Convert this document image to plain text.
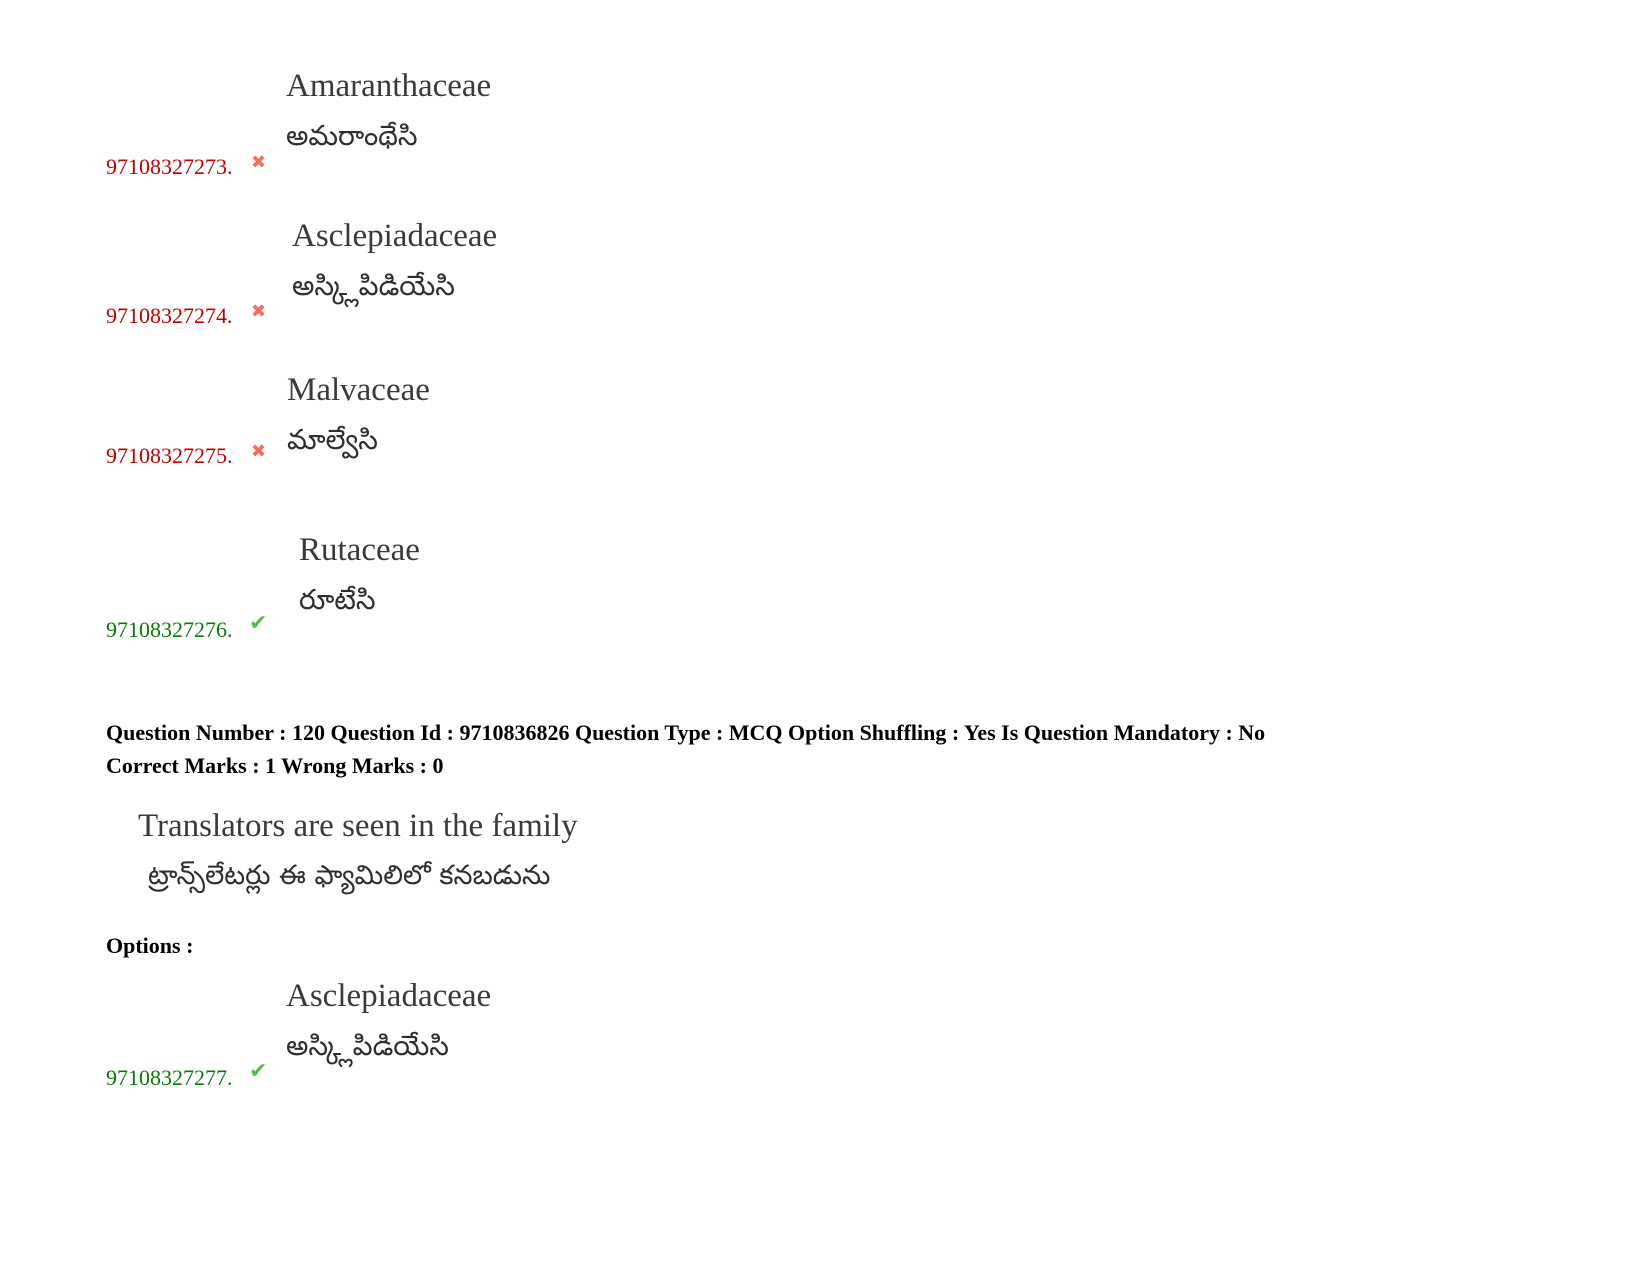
Amaranthaceae
అమరాంథేసి
97108327273. ✖
Asclepiadaceae
అస్క్లిపిడియేసి
97108327274. ✖
Malvaceae
మాల్వేసి
97108327275. ✖
Rutaceae
రూటేసి
97108327276. ✔
Question Number : 120 Question Id : 9710836826 Question Type : MCQ Option Shuffling : Yes Is Question Mandatory : No
Correct Marks : 1 Wrong Marks : 0
Translators are seen in the family
ట్రాన్స్‌లేటర్లు ఈ ఫ్యామిలిలో కనబడును
Options :
Asclepiadaceae
అస్క్లిపిడియేసి
97108327277. ✔
